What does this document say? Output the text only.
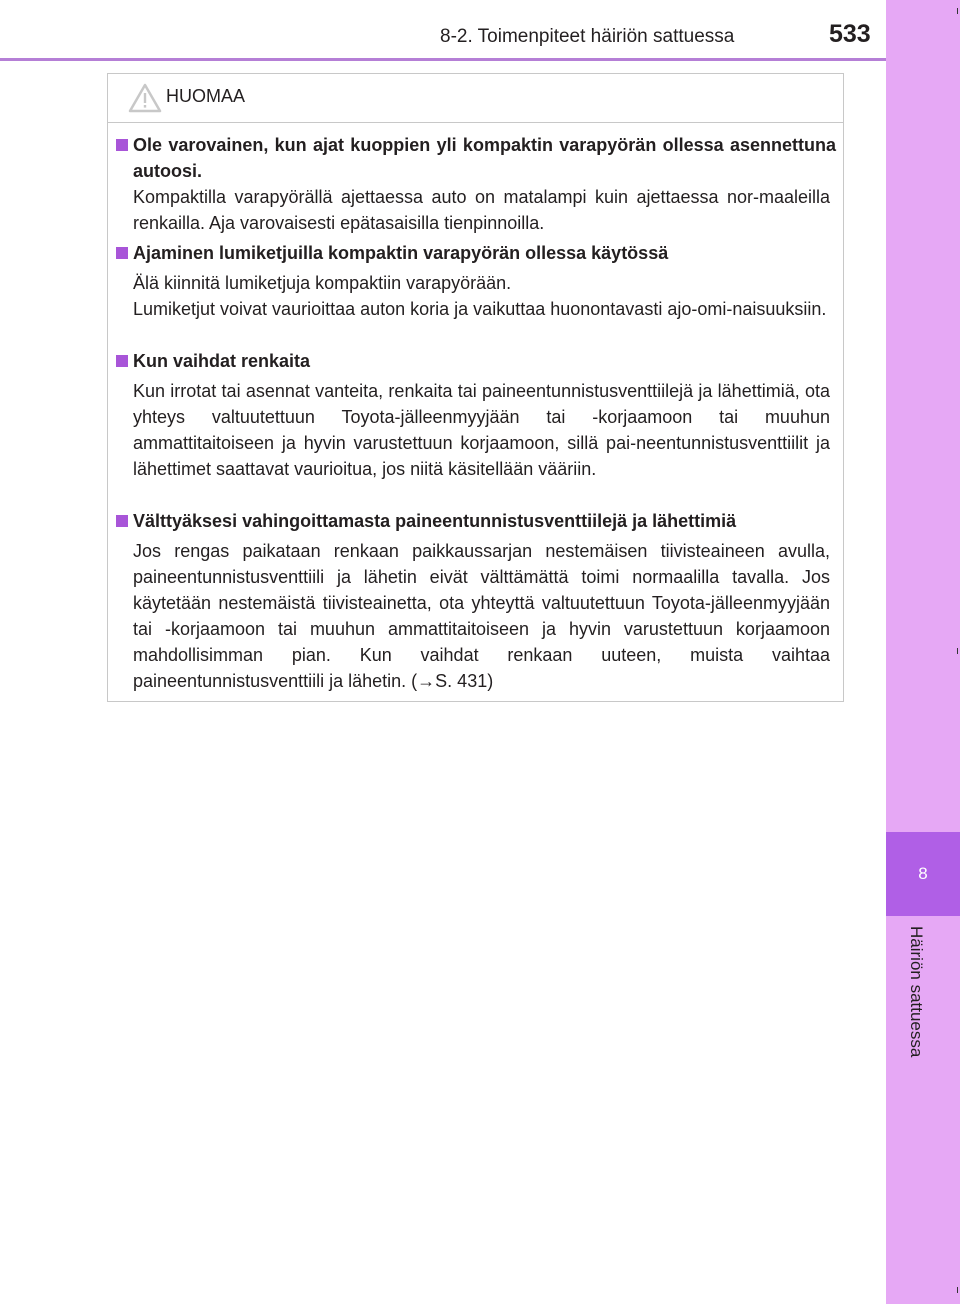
8-2. Toimenpiteet häiriön sattuessa	533
8
Häiriön sattuessa
HUOMAA
Ole varovainen, kun ajat kuoppien yli kompaktin varapyörän ollessa asennettuna autoosi.

Kompaktilla varapyörällä ajettaessa auto on matalampi kuin ajettaessa nor-maaleilla renkailla. Aja varovaisesti epätasaisilla tienpinnoilla.

Ajaminen lumiketjuilla kompaktin varapyörän ollessa käytössä

Älä kiinnitä lumiketjuja kompaktiin varapyörään.

Lumiketjut voivat vaurioittaa auton koria ja vaikuttaa huonontavasti ajo-omi-naisuuksiin.

Kun vaihdat renkaita

Kun irrotat tai asennat vanteita, renkaita tai paineentunnistusventtiilejä ja lähettimiä, ota yhteys valtuutettuun Toyota-jälleenmyyjään tai -korjaamoon tai muuhun ammattitaitoiseen ja hyvin varustettuun korjaamoon, sillä pai-neentunnistusventtiilit ja lähettimet saattavat vaurioitua, jos niitä käsitellään vääriin.

Välttyäksesi vahingoittamasta paineentunnistusventtiilejä ja lähettimiä

Jos rengas paikataan renkaan paikkaussarjan nestemäisen tiivisteaineen avulla, paineentunnistusventtiili ja lähetin eivät välttämättä toimi normaalilla tavalla. Jos käytetään nestemäistä tiivisteainetta, ota yhteyttä valtuutettuun Toyota-jälleenmyyjään tai -korjaamoon tai muuhun ammattitaitoiseen ja hyvin varustettuun korjaamoon mahdollisimman pian. Kun vaihdat renkaan uuteen, muista vaihtaa paineentunnistusventtiili ja lähetin. (→S. 431)
